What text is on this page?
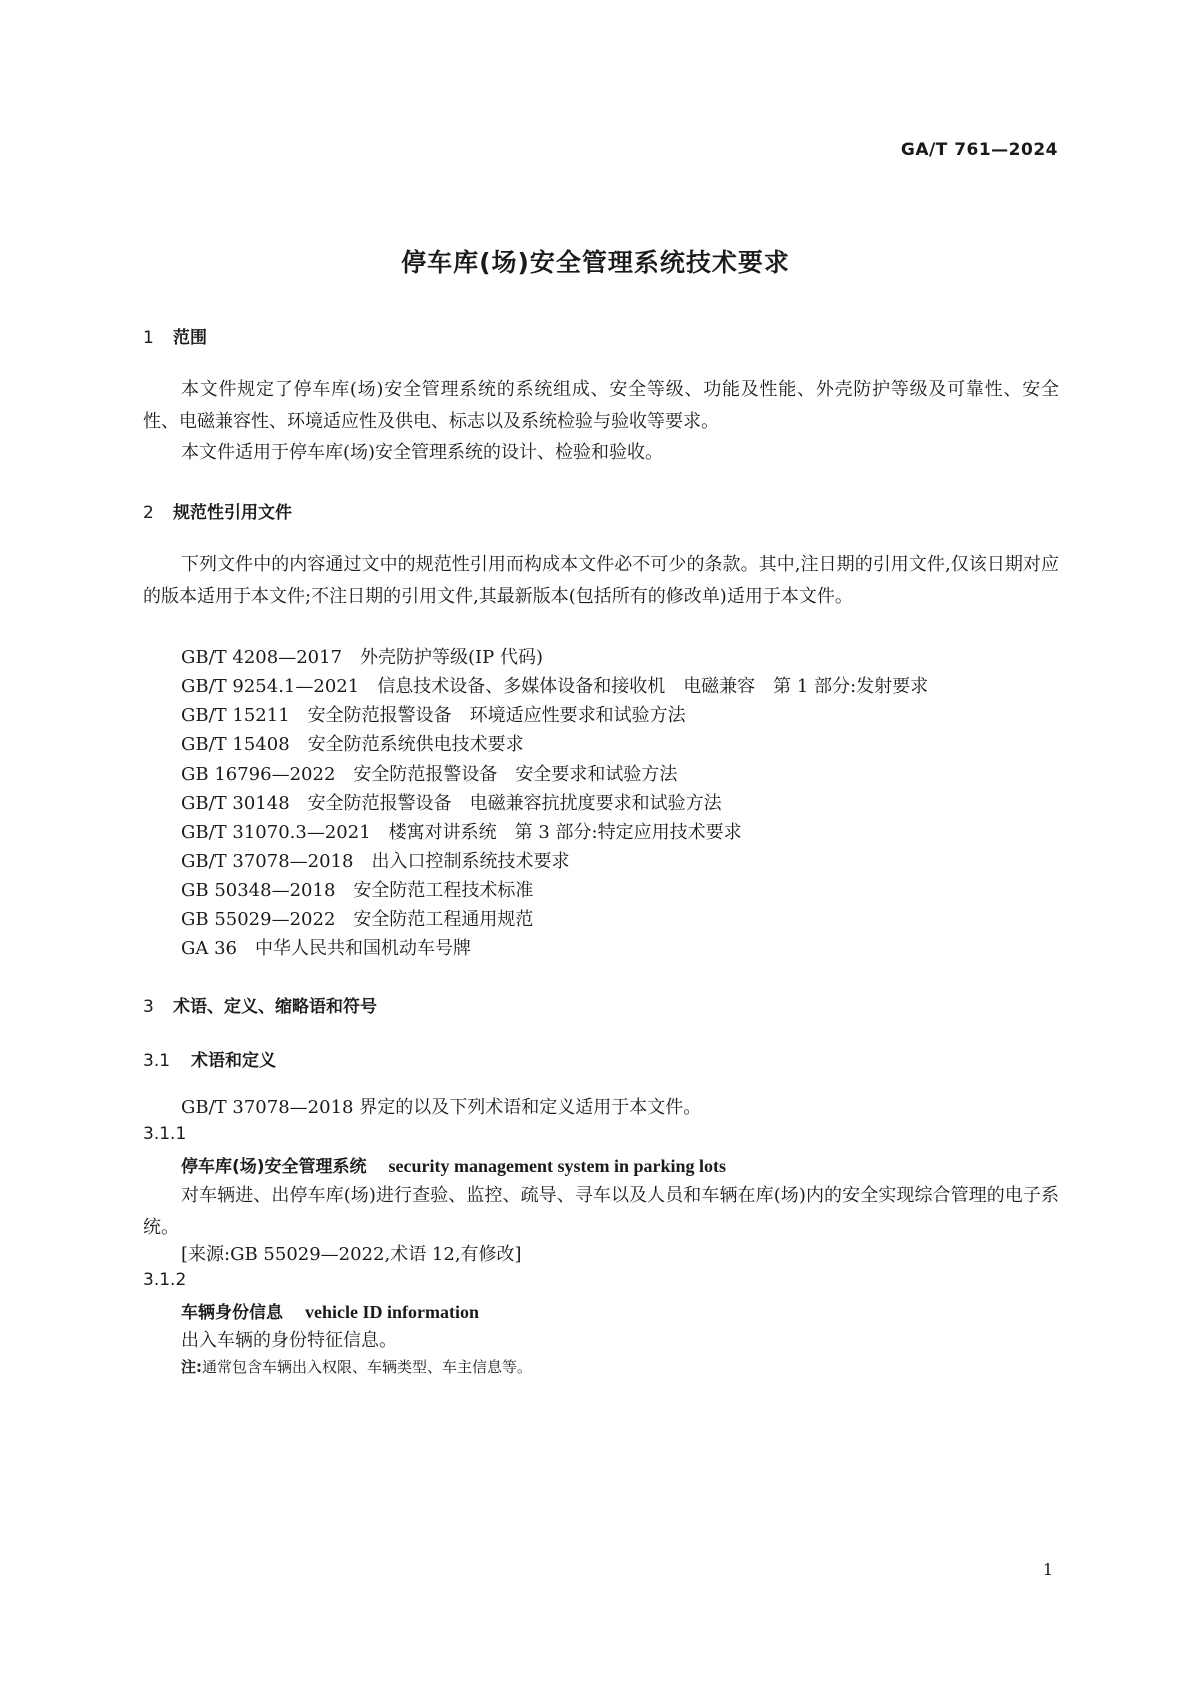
GA/T 761—2024
停车库(场)安全管理系统技术要求
1 范围
本文件规定了停车库(场)安全管理系统的系统组成、安全等级、功能及性能、外壳防护等级及可靠性、安全性、电磁兼容性、环境适应性及供电、标志以及系统检验与验收等要求。
本文件适用于停车库(场)安全管理系统的设计、检验和验收。
2 规范性引用文件
下列文件中的内容通过文中的规范性引用而构成本文件必不可少的条款。其中,注日期的引用文件,仅该日期对应的版本适用于本文件;不注日期的引用文件,其最新版本(包括所有的修改单)适用于本文件。
GB/T 4208—2017　外壳防护等级(IP 代码)
GB/T 9254.1—2021　信息技术设备、多媒体设备和接收机　电磁兼容　第 1 部分:发射要求
GB/T 15211　安全防范报警设备　环境适应性要求和试验方法
GB/T 15408　安全防范系统供电技术要求
GB 16796—2022　安全防范报警设备　安全要求和试验方法
GB/T 30148　安全防范报警设备　电磁兼容抗扰度要求和试验方法
GB/T 31070.3—2021　楼寓对讲系统　第 3 部分:特定应用技术要求
GB/T 37078—2018　出入口控制系统技术要求
GB 50348—2018　安全防范工程技术标准
GB 55029—2022　安全防范工程通用规范
GA 36　中华人民共和国机动车号牌
3 术语、定义、缩略语和符号
3.1 术语和定义
GB/T 37078—2018 界定的以及下列术语和定义适用于本文件。
3.1.1
停车库(场)安全管理系统 security management system in parking lots
对车辆进、出停车库(场)进行查验、监控、疏导、寻车以及人员和车辆在库(场)内的安全实现综合管理的电子系统。
[来源:GB 55029—2022,术语 12,有修改]
3.1.2
车辆身份信息 vehicle ID information
出入车辆的身份特征信息。
注:通常包含车辆出入权限、车辆类型、车主信息等。
1
